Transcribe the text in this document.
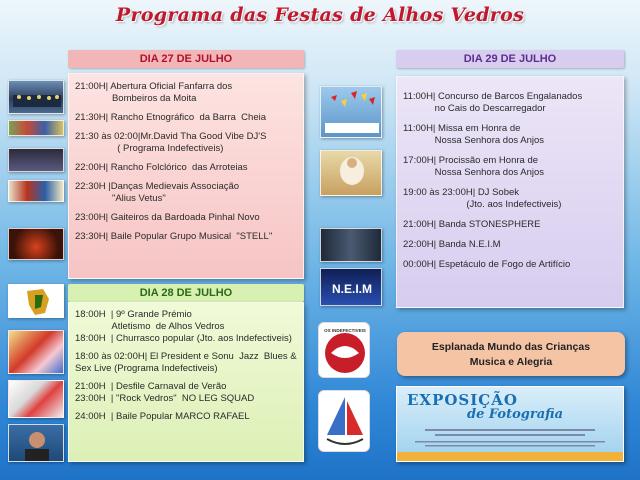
Programa das Festas de Alhos Vedros
DIA 27 DE JULHO
21:00H| Abertura Oficial Fanfarra dos
Bombeiros da Moita
21:30H| Rancho Etnográfico  da Barra  Cheia
21:30 às 02:00|Mr.David Tha Good Vibe DJ'S
( Programa Indefectiveis)
22:00H| Rancho Folclórico  das Arroteias
22:30H |Danças Medievais Associação
"Alius Vetus"
23:00H| Gaiteiros da Bardoada Pinhal Novo
23:30H| Baile Popular Grupo Musical  "STELL"
DIA 28 DE JULHO
18:00H  | 9º Grande Prémio
Atletismo  de Alhos Vedros
18:00H  | Churrasco popular (Jto. aos Indefectiveis)
18:00 às 02:00H| El President e Sonu  Jazz  Blues &
Sex Live (Programa Indefectiveis)
21:00H  | Desfile Carnaval de Verão
23:00H  | "Rock Vedros"  NO LEG SQUAD
24:00H  | Baile Popular MARCO RAFAEL
N.E.I.M
OS INDEFECTIVEIS
DIA 29 DE JULHO
11:00H| Concurso de Barcos Engalanados
no Cais do Descarregador
11:00H| Missa em Honra de
Nossa Senhora dos Anjos
17:00H| Procissão em Honra de
Nossa Senhora dos Anjos
19:00 às 23:00H| DJ Sobek
(Jto. aos Indefectiveis)
21:00H| Banda STONESPHERE
22:00H| Banda N.E.I.M
00:00H| Espetáculo de Fogo de Artifício
Esplanada Mundo das Crianças
Musica e Alegria
EXPOSIÇÃO
de Fotografia
